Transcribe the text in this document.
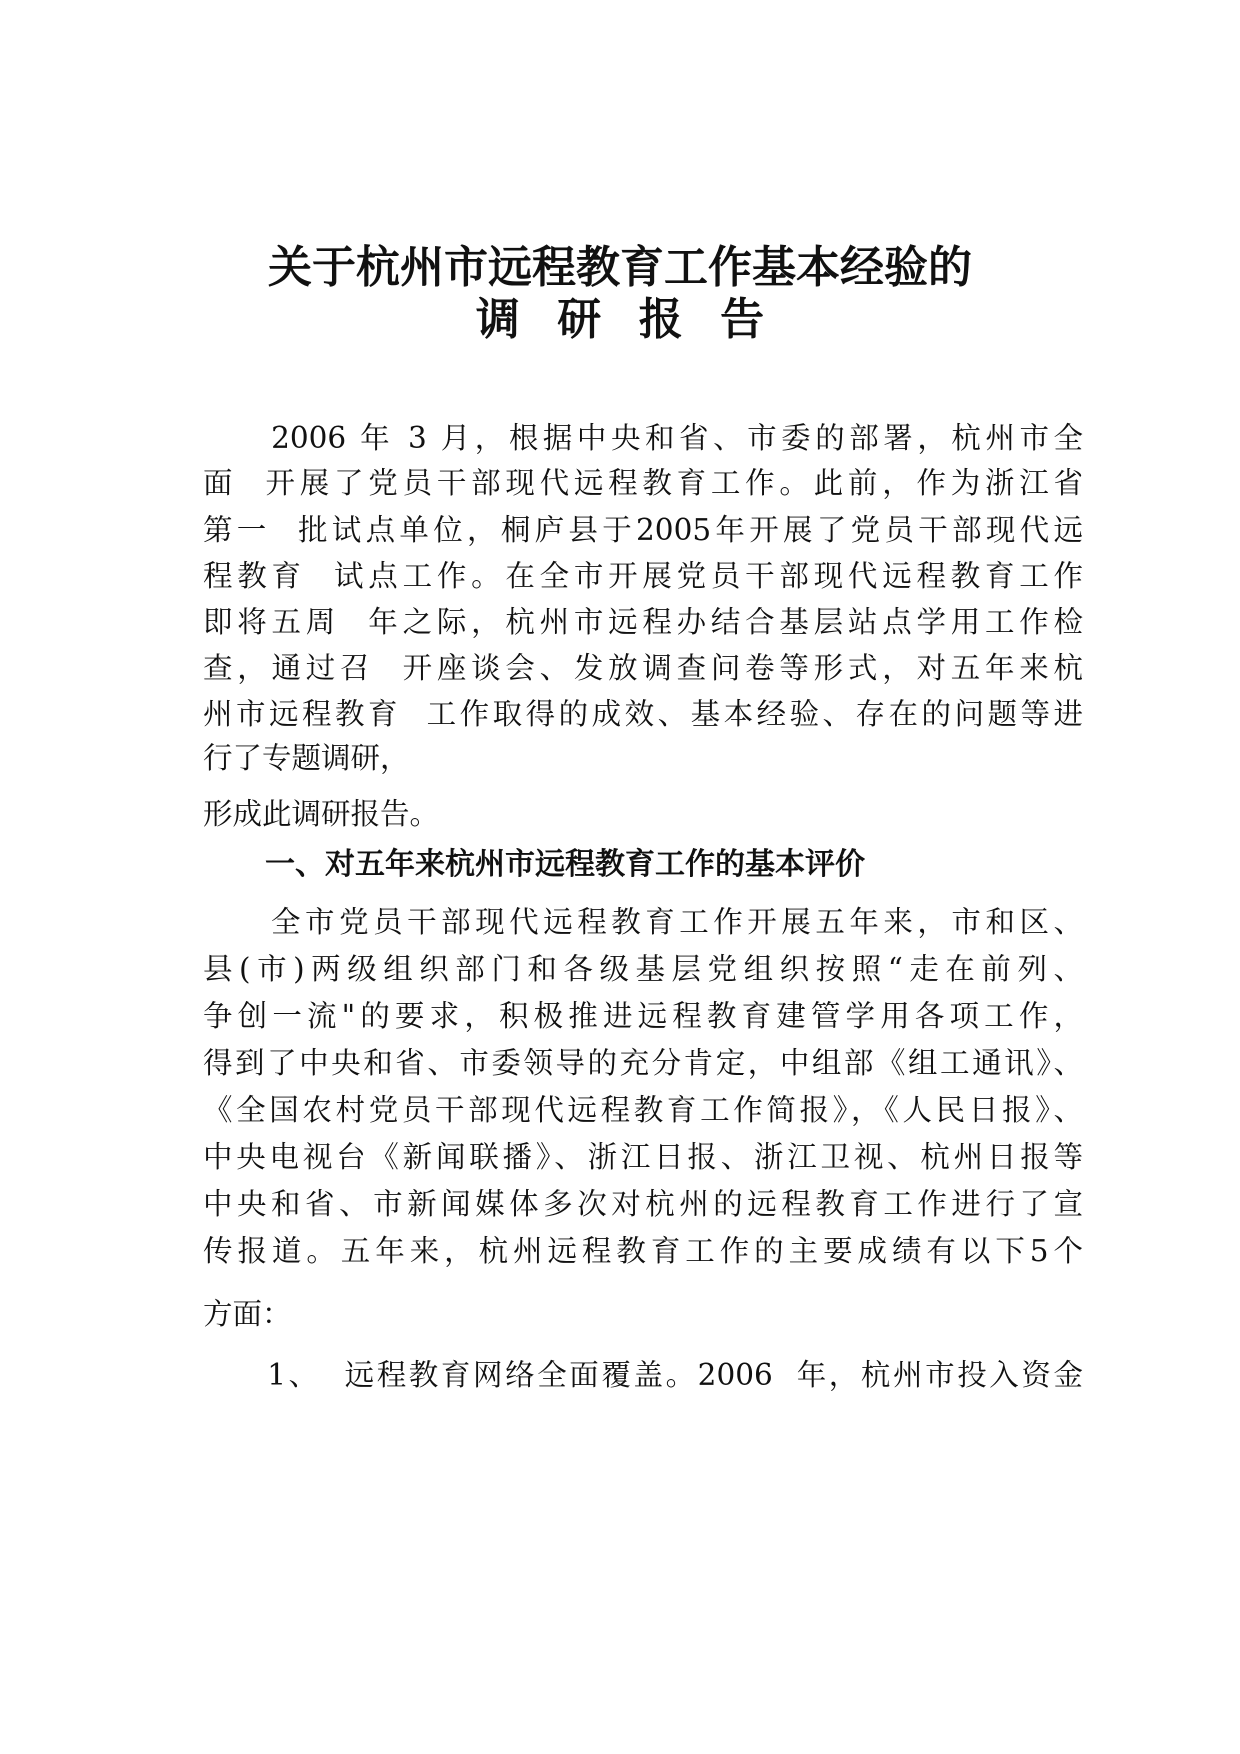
关于杭州市远程教育工作基本经验的
调研报告
　　2006 年 3 月，根据中央和省、市委的部署，杭州市全
面  开展了党员干部现代远程教育工作。此前，作为浙江省
第一  批试点单位，桐庐县于2005年开展了党员干部现代远
程教育  试点工作。在全市开展党员干部现代远程教育工作
即将五周  年之际，杭州市远程办结合基层站点学用工作检
查，通过召  开座谈会、发放调查问卷等形式，对五年来杭
州市远程教育  工作取得的成效、基本经验、存在的问题等进
行了专题调研，
形成此调研报告。
一、对五年来杭州市远程教育工作的基本评价
　　全市党员干部现代远程教育工作开展五年来，市和区、
县(市)两级组织部门和各级基层党组织按照“走在前列、
争创一流"的要求，积极推进远程教育建管学用各项工作，
得到了中央和省、市委领导的充分肯定，中组部《组工通讯》、
《全国农村党员干部现代远程教育工作简报》，《人民日报》、
中央电视台《新闻联播》、浙江日报、浙江卫视、杭州日报等
中央和省、市新闻媒体多次对杭州的远程教育工作进行了宣
传报道。五年来，杭州远程教育工作的主要成绩有以下5个
方面：
　　1、  远程教育网络全面覆盖。2006  年，杭州市投入资金
